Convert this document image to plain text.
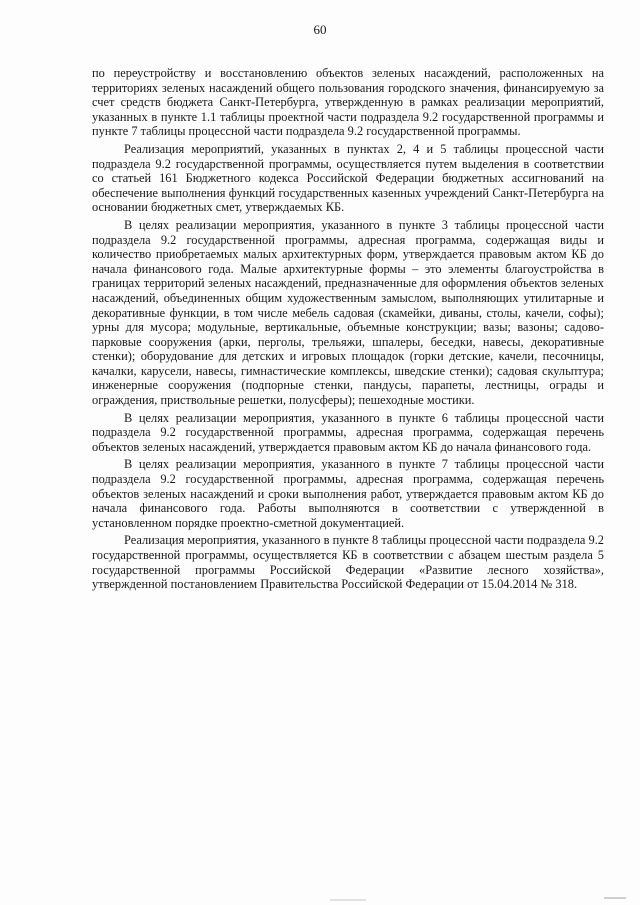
60

по переустройству и восстановлению объектов зеленых насаждений, расположенных на территориях зеленых насаждений общего пользования городского значения, финансируемую за счет средств бюджета Санкт-Петербурга, утвержденную в рамках реализации мероприятий, указанных в пункте 1.1 таблицы проектной части подраздела 9.2 государственной программы и пункте 7 таблицы процессной части подраздела 9.2 государственной программы.

Реализация мероприятий, указанных в пунктах 2, 4 и 5 таблицы процессной части подраздела 9.2 государственной программы, осуществляется путем выделения в соответствии со статьей 161 Бюджетного кодекса Российской Федерации бюджетных ассигнований на обеспечение выполнения функций государственных казенных учреждений Санкт-Петербурга на основании бюджетных смет, утверждаемых КБ.

В целях реализации мероприятия, указанного в пункте 3 таблицы процессной части подраздела 9.2 государственной программы, адресная программа, содержащая виды и количество приобретаемых малых архитектурных форм, утверждается правовым актом КБ до начала финансового года. Малые архитектурные формы – это элементы благоустройства в границах территорий зеленых насаждений, предназначенные для оформления объектов зеленых насаждений, объединенных общим художественным замыслом, выполняющих утилитарные и декоративные функции, в том числе мебель садовая (скамейки, диваны, столы, качели, софы); урны для мусора; модульные, вертикальные, объемные конструкции; вазы; вазоны; садово-парковые сооружения (арки, перголы, трельяжи, шпалеры, беседки, навесы, декоративные стенки); оборудование для детских и игровых площадок (горки детские, качели, песочницы, качалки, карусели, навесы, гимнастические комплексы, шведские стенки); садовая скульптура; инженерные сооружения (подпорные стенки, пандусы, парапеты, лестницы, ограды и ограждения, приствольные решетки, полусферы); пешеходные мостики.

В целях реализации мероприятия, указанного в пункте 6 таблицы процессной части подраздела 9.2 государственной программы, адресная программа, содержащая перечень объектов зеленых насаждений, утверждается правовым актом КБ до начала финансового года.

В целях реализации мероприятия, указанного в пункте 7 таблицы процессной части подраздела 9.2 государственной программы, адресная программа, содержащая перечень объектов зеленых насаждений и сроки выполнения работ, утверждается правовым актом КБ до начала финансового года. Работы выполняются в соответствии с утвержденной в установленном порядке проектно-сметной документацией.

Реализация мероприятия, указанного в пункте 8 таблицы процессной части подраздела 9.2 государственной программы, осуществляется КБ в соответствии с абзацем шестым раздела 5 государственной программы Российской Федерации «Развитие лесного хозяйства», утвержденной постановлением Правительства Российской Федерации от 15.04.2014 № 318.
